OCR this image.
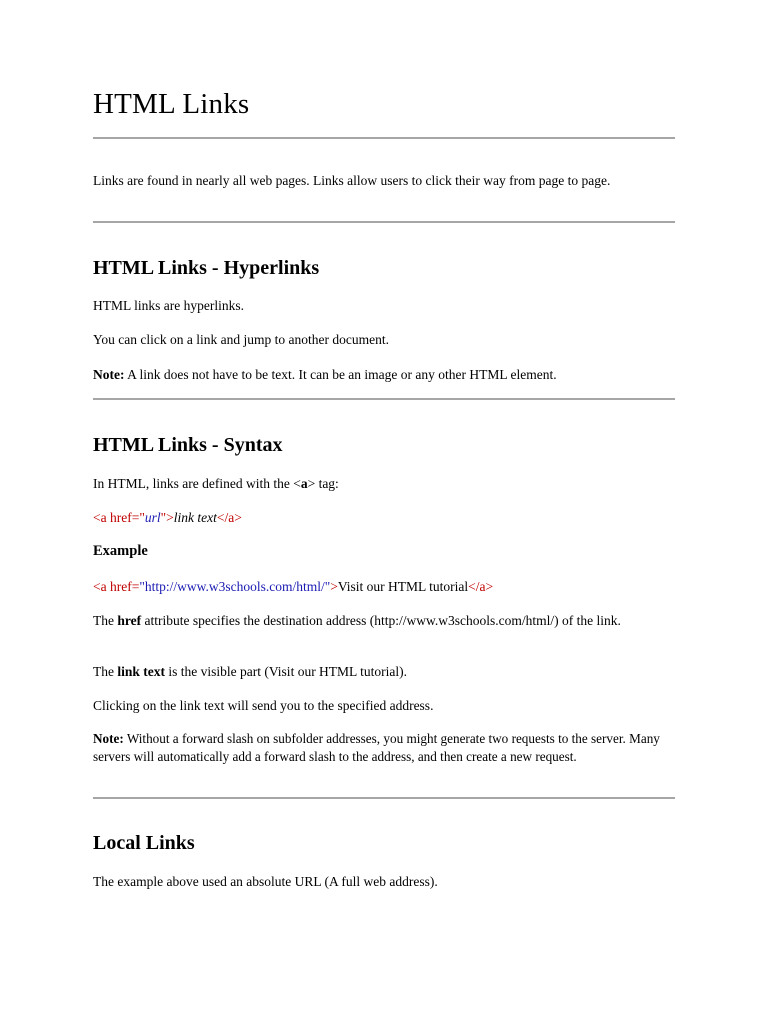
HTML Links

Links are found in nearly all web pages. Links allow users to click their way from page to page.

HTML Links - Hyperlinks

HTML links are hyperlinks.

You can click on a link and jump to another document.

Note: A link does not have to be text. It can be an image or any other HTML element.

HTML Links - Syntax

In HTML, links are defined with the <a> tag:

<a href="url">link text</a>

Example

<a href="http://www.w3schools.com/html/">Visit our HTML tutorial</a>

The href attribute specifies the destination address (http://www.w3schools.com/html/) of the link.

The link text is the visible part (Visit our HTML tutorial).

Clicking on the link text will send you to the specified address.

Note: Without a forward slash on subfolder addresses, you might generate two requests to the server. Many servers will automatically add a forward slash to the address, and then create a new request.

Local Links

The example above used an absolute URL (A full web address).
